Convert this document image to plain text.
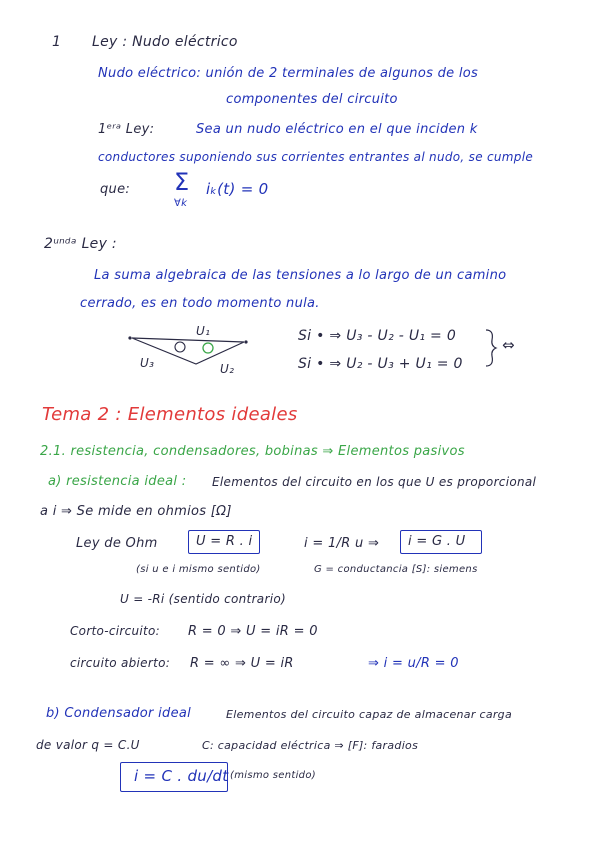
1 Ley : Nudo eléctrico
Nudo eléctrico: unión de 2 terminales de algunos de los
componentes del circuito
1ᵉʳᵃ Ley:	Sea un nudo eléctrico en el que inciden k
conductores suponiendo sus corrientes entrantes al nudo, se cumple
que: Σ
∀k
iₖ(t) = 0
2ᵘⁿᵈᵃ Ley :
La suma algebraica de las tensiones a lo largo de un camino
cerrado, es en todo momento nula.
U₁
U₃	U₂
Si • ⇒ U₃ - U₂ - U₁ = 0
Si • ⇒ U₂ - U₃ + U₁ = 0
⇔
Tema 2 : Elementos ideales
2.1. resistencia, condensadores, bobinas ⇒ Elementos pasivos
a) resistencia ideal : Elementos del circuito en los que U es proporcional
a i ⇒ Se mide en ohmios [Ω]
Ley de Ohm	U = R . i	i = 1/R u ⇒ i = G . U
(si u e i mismo sentido)	G = conductancia [S]: siemens
U = -Ri (sentido contrario)
Corto-circuito: R = 0 ⇒ U = iR = 0
circuito abierto: R = ∞ ⇒ U = iR	⇒ i = u/R = 0
b) Condensador ideal	Elementos del circuito capaz de almacenar carga
de valor q = C.U	C: capacidad eléctrica ⇒ [F]: faradios
i = C . du/dt (mismo sentido)
